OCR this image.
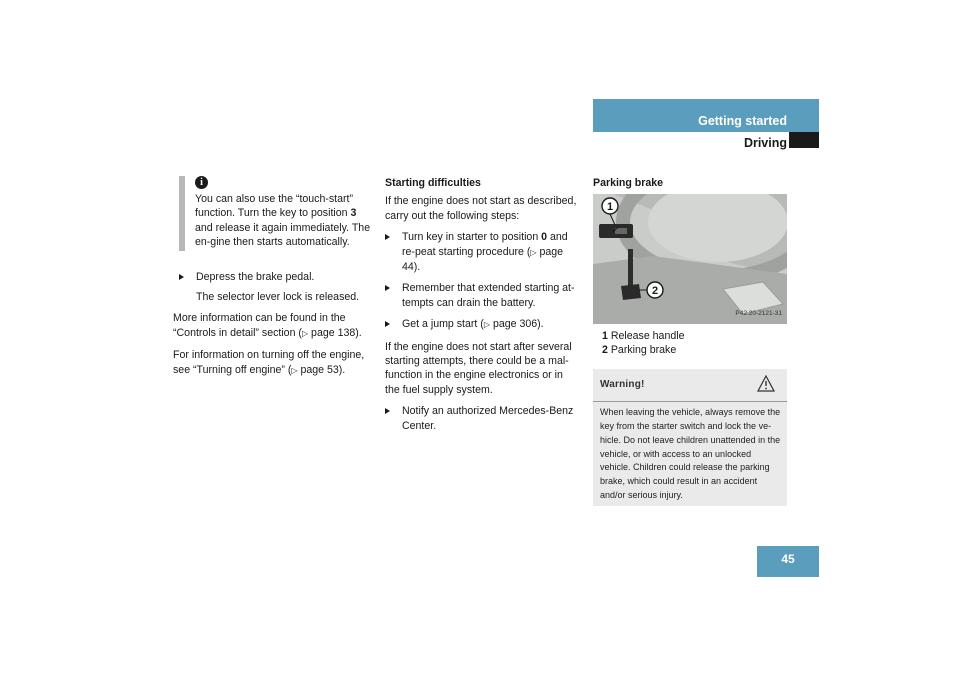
Getting started
Driving
i
You can also use the “touch-start” function. Turn the key to position 3 and release it again immediately. The en-gine then starts automatically.
Depress the brake pedal.
The selector lever lock is released.

More information can be found in the “Controls in detail” section (▷ page 138).

For information on turning off the engine, see “Turning off engine” (▷ page 53).

Starting difficulties

If the engine does not start as described, carry out the following steps:

Turn key in starter to position 0 and re-peat starting procedure (▷ page 44).
Remember that extended starting at-tempts can drain the battery.
Get a jump start (▷ page 306).

If the engine does not start after several starting attempts, there could be a mal-function in the engine electronics or in the fuel supply system.

Notify an authorized Mercedes-Benz Center.
Parking brake
1
2
P42.20-2121-31
1 Release handle
2 Parking brake
Warning!
When leaving the vehicle, always remove the key from the starter switch and lock the ve-hicle. Do not leave children unattended in the vehicle, or with access to an unlocked vehicle. Children could release the parking brake, which could result in an accident and/or serious injury.
45
